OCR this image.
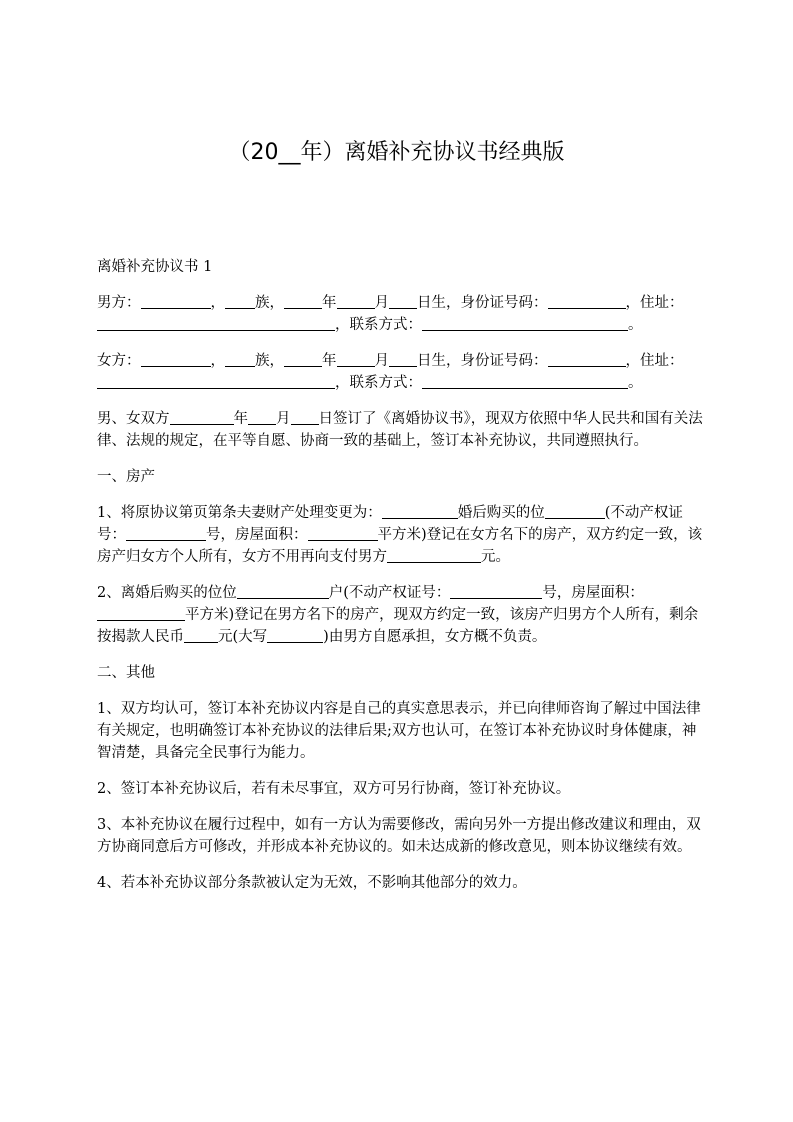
（20__年）离婚补充协议书经典版

离婚补充协议书 1

男方：	， 族，	年	月 日生，身份证号码：	，住址：，联系方式：	。

女方：	， 族，	年	月 日生，身份证号码：	，住址：，联系方式：	。

男、女双方	年 月 日签订了《离婚协议书》，现双方依照中华人民共和国有关法律、法规的规定，在平等自愿、协商一致的基础上，签订本补充协议，共同遵照执行。

一、房产

1、将原协议第页第条夫妻财产处理变更为：	婚后购买的位	(不动产权证号：	号，房屋面积：	平方米)登记在女方名下的房产，双方约定一致，该房产归女方个人所有，女方不用再向支付男方	元。

2、离婚后购买的位位	户(不动产权证号：	号，房屋面积：平方米)登记在男方名下的房产，现双方约定一致，该房产归男方个人所有，剩余按揭款人民币 元(大写	)由男方自愿承担，女方概不负责。

二、其他

1、双方均认可，签订本补充协议内容是自己的真实意思表示，并已向律师咨询了解过中国法律有关规定，也明确签订本补充协议的法律后果;双方也认可，在签订本补充协议时身体健康，神智清楚，具备完全民事行为能力。

2、签订本补充协议后，若有未尽事宜，双方可另行协商，签订补充协议。

3、本补充协议在履行过程中，如有一方认为需要修改，需向另外一方提出修改建议和理由，双方协商同意后方可修改，并形成本补充协议的。如未达成新的修改意见，则本协议继续有效。

4、若本补充协议部分条款被认定为无效，不影响其他部分的效力。
